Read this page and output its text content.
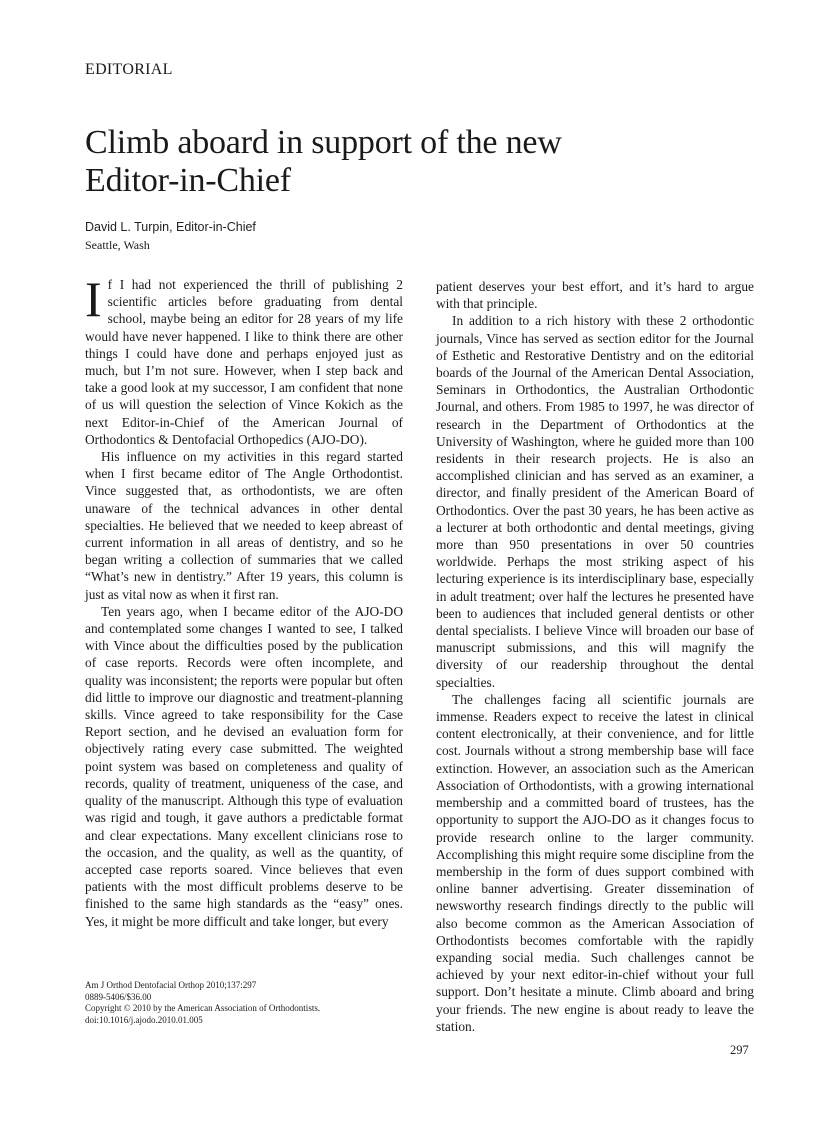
EDITORIAL
Climb aboard in support of the new
Editor-in-Chief
David L. Turpin, Editor-in-Chief
Seattle, Wash

If I had not experienced the thrill of publishing 2 scientific articles before graduating from dental school, maybe being an editor for 28 years of my life would have never happened. I like to think there are other things I could have done and perhaps enjoyed just as much, but I’m not sure. However, when I step back and take a good look at my successor, I am confident that none of us will question the selection of Vince Kokich as the next Editor-in-Chief of the American Journal of Orthodontics & Dentofacial Orthopedics (AJO-DO).

His influence on my activities in this regard started when I first became editor of The Angle Orthodontist. Vince suggested that, as orthodontists, we are often unaware of the technical advances in other dental specialties. He believed that we needed to keep abreast of current information in all areas of dentistry, and so he began writing a collection of summaries that we called “What’s new in dentistry.” After 19 years, this column is just as vital now as when it first ran.

Ten years ago, when I became editor of the AJO-DO and contemplated some changes I wanted to see, I talked with Vince about the difficulties posed by the publication of case reports. Records were often incomplete, and quality was inconsistent; the reports were popular but often did little to improve our diagnostic and treatment-planning skills. Vince agreed to take responsibility for the Case Report section, and he devised an evaluation form for objectively rating every case submitted. The weighted point system was based on completeness and quality of records, quality of treatment, uniqueness of the case, and quality of the manuscript. Although this type of evaluation was rigid and tough, it gave authors a predictable format and clear expectations. Many excellent clinicians rose to the occasion, and the quality, as well as the quantity, of accepted case reports soared. Vince believes that even patients with the most difficult problems deserve to be finished to the same high standards as the “easy” ones. Yes, it might be more difficult and take longer, but every

patient deserves your best effort, and it’s hard to argue with that principle.

In addition to a rich history with these 2 orthodontic journals, Vince has served as section editor for the Journal of Esthetic and Restorative Dentistry and on the editorial boards of the Journal of the American Dental Association, Seminars in Orthodontics, the Australian Orthodontic Journal, and others. From 1985 to 1997, he was director of research in the Department of Orthodontics at the University of Washington, where he guided more than 100 residents in their research projects. He is also an accomplished clinician and has served as an examiner, a director, and finally president of the American Board of Orthodontics. Over the past 30 years, he has been active as a lecturer at both orthodontic and dental meetings, giving more than 950 presentations in over 50 countries worldwide. Perhaps the most striking aspect of his lecturing experience is its interdisciplinary base, especially in adult treatment; over half the lectures he presented have been to audiences that included general dentists or other dental specialists. I believe Vince will broaden our base of manuscript submissions, and this will magnify the diversity of our readership throughout the dental specialties.

The challenges facing all scientific journals are immense. Readers expect to receive the latest in clinical content electronically, at their convenience, and for little cost. Journals without a strong membership base will face extinction. However, an association such as the American Association of Orthodontists, with a growing international membership and a committed board of trustees, has the opportunity to support the AJO-DO as it changes focus to provide research online to the larger community. Accomplishing this might require some discipline from the membership in the form of dues support combined with online banner advertising. Greater dissemination of newsworthy research findings directly to the public will also become common as the American Association of Orthodontists becomes comfortable with the rapidly expanding social media. Such challenges cannot be achieved by your next editor-in-chief without your full support. Don’t hesitate a minute. Climb aboard and bring your friends. The new engine is about ready to leave the station.

Am J Orthod Dentofacial Orthop 2010;137:297
0889-5406/$36.00
Copyright © 2010 by the American Association of Orthodontists.
doi:10.1016/j.ajodo.2010.01.005
297
